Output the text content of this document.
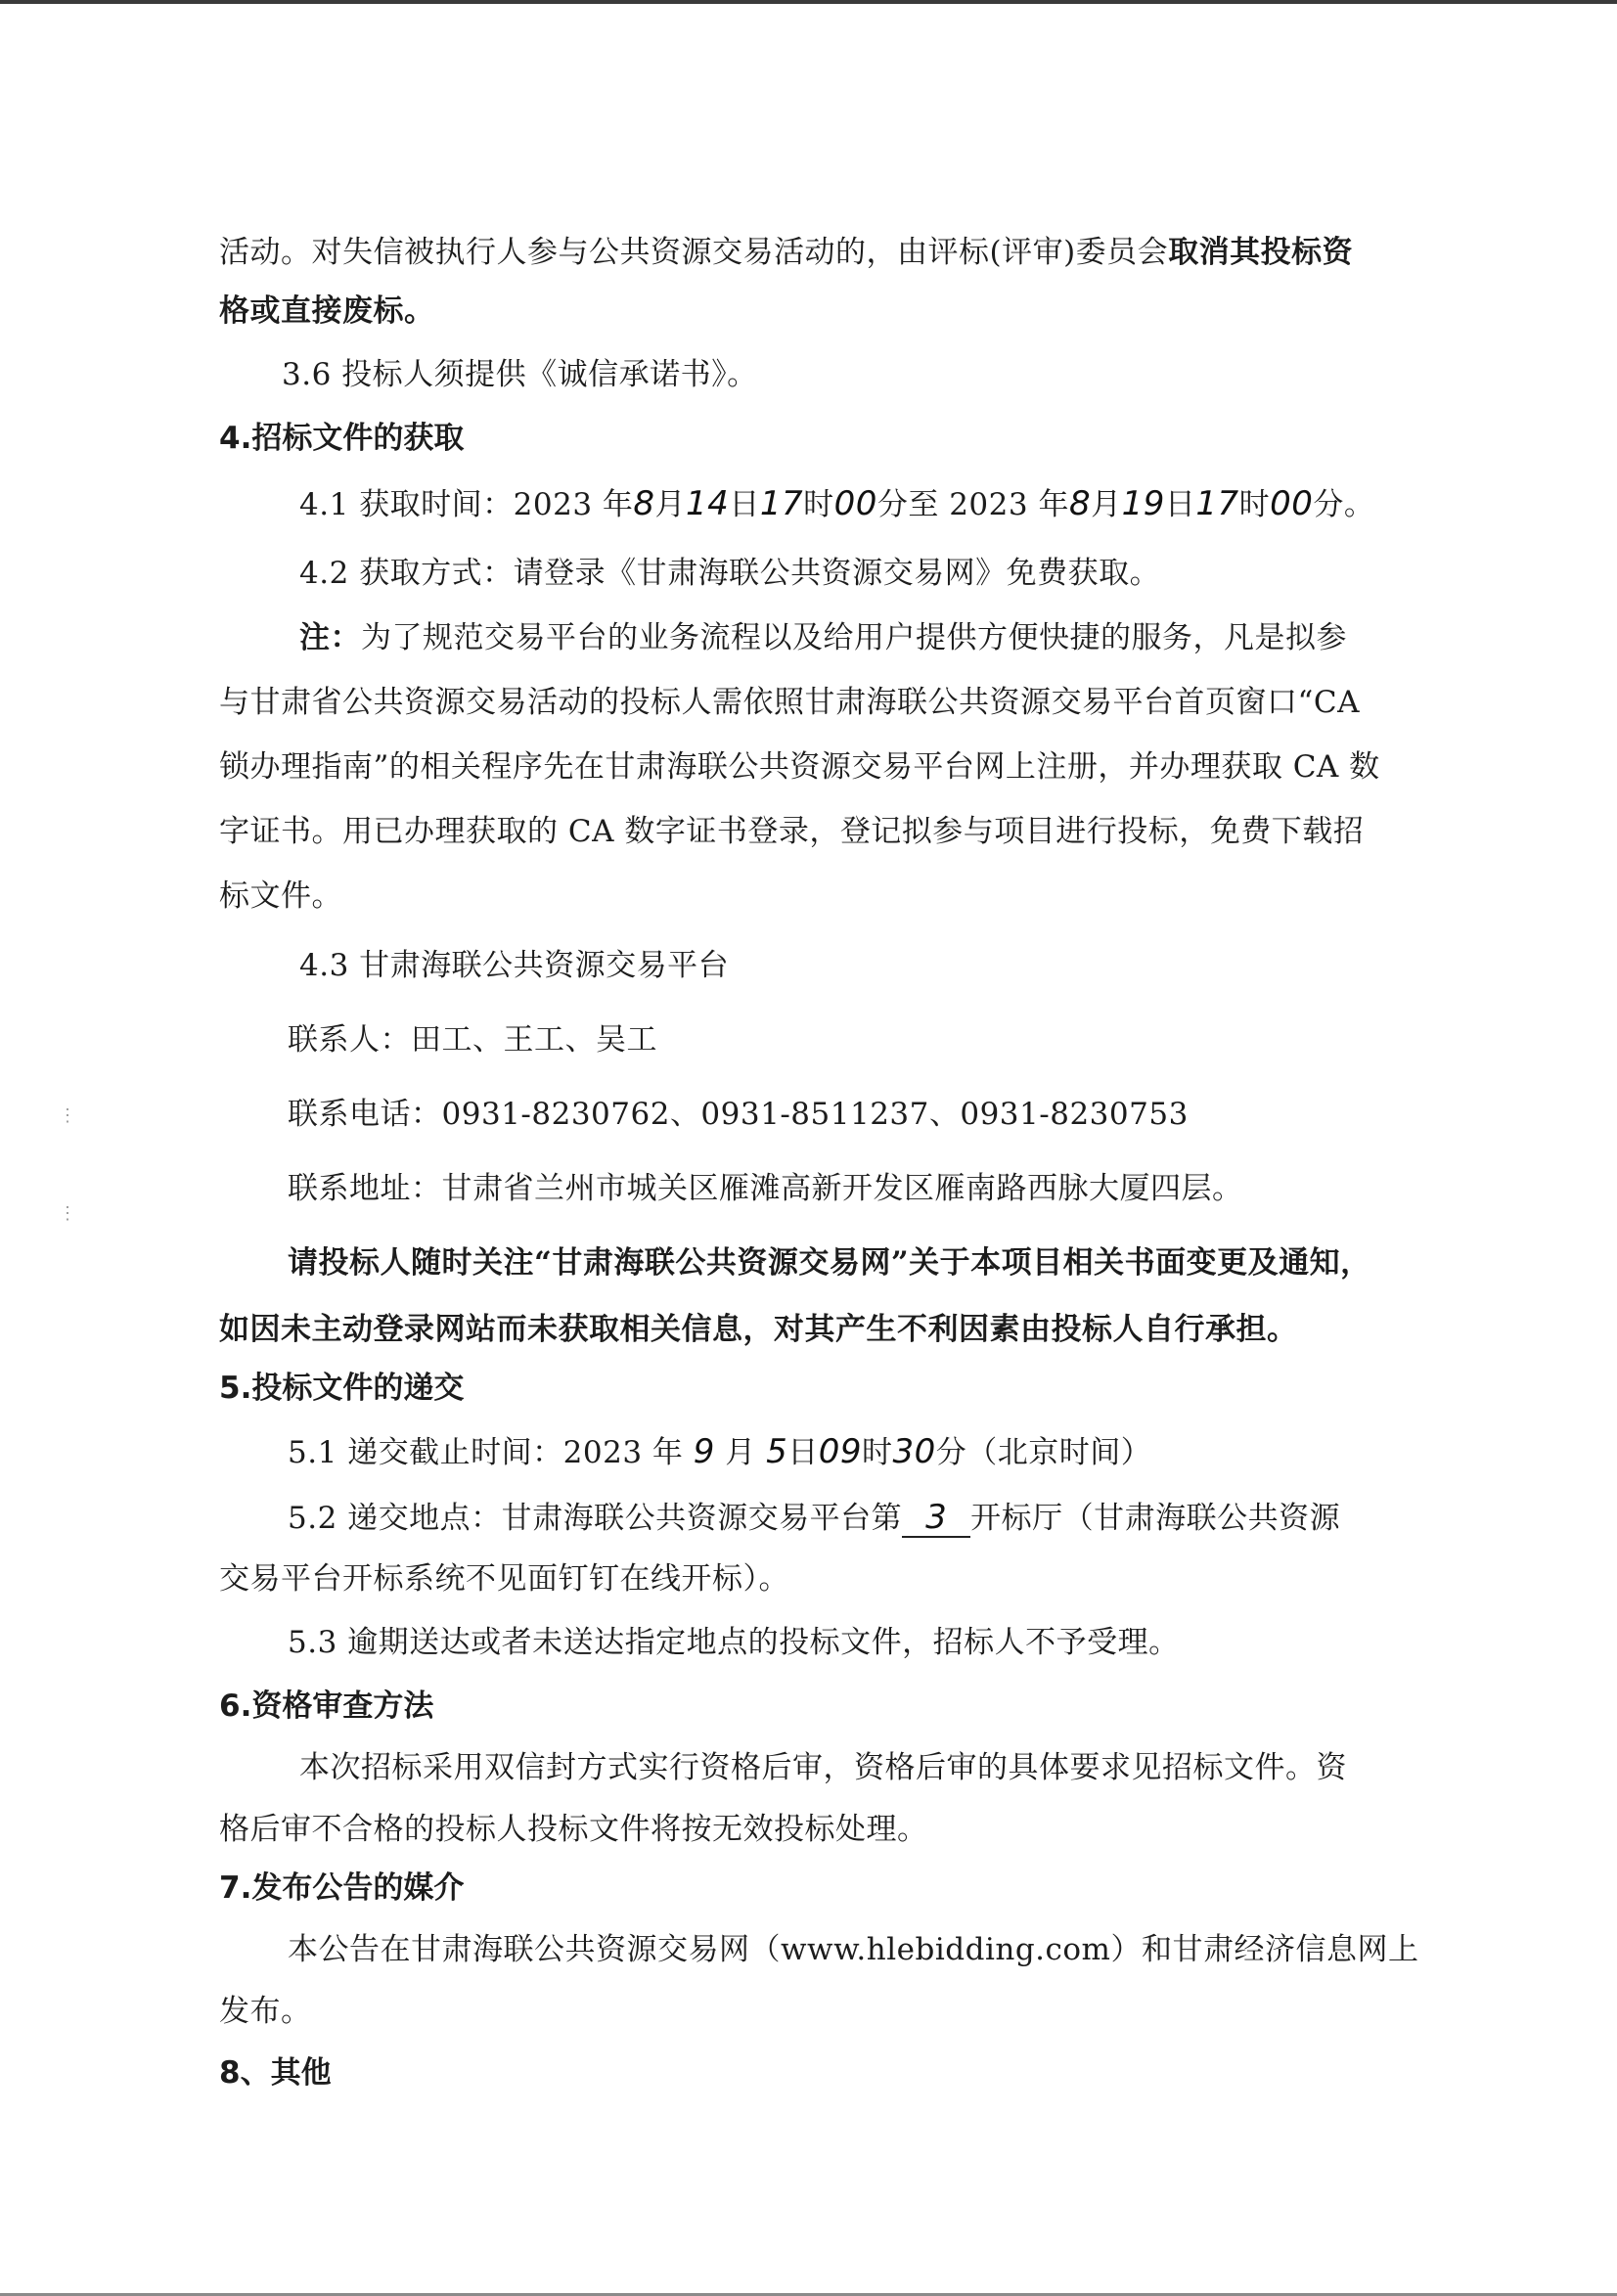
⋮
⋮

活动。对失信被执行人参与公共资源交易活动的，由评标(评审)委员会取消其投标资

格或直接废标。

3.6 投标人须提供《诚信承诺书》。

4.招标文件的获取

4.1 获取时间：2023 年8月14日17时00分至 2023 年8月19日17时00分。

4.2 获取方式：请登录《甘肃海联公共资源交易网》免费获取。

注：为了规范交易平台的业务流程以及给用户提供方便快捷的服务，凡是拟参

与甘肃省公共资源交易活动的投标人需依照甘肃海联公共资源交易平台首页窗口“CA

锁办理指南”的相关程序先在甘肃海联公共资源交易平台网上注册，并办理获取 CA 数

字证书。用已办理获取的 CA 数字证书登录，登记拟参与项目进行投标，免费下载招

标文件。

4.3 甘肃海联公共资源交易平台

联系人：田工、王工、吴工

联系电话：0931-8230762、0931-8511237、0931-8230753

联系地址：甘肃省兰州市城关区雁滩高新开发区雁南路西脉大厦四层。

请投标人随时关注“甘肃海联公共资源交易网”关于本项目相关书面变更及通知，

如因未主动登录网站而未获取相关信息，对其产生不利因素由投标人自行承担。

5.投标文件的递交

5.1 递交截止时间：2023 年 9 月 5日09时30分（北京时间）

5.2 递交地点：甘肃海联公共资源交易平台第 3 开标厅（甘肃海联公共资源

交易平台开标系统不见面钉钉在线开标）。

5.3 逾期送达或者未送达指定地点的投标文件，招标人不予受理。

6.资格审查方法

本次招标采用双信封方式实行资格后审，资格后审的具体要求见招标文件。资

格后审不合格的投标人投标文件将按无效投标处理。

7.发布公告的媒介

本公告在甘肃海联公共资源交易网（www.hlebidding.com）和甘肃经济信息网上

发布。

8、其他
